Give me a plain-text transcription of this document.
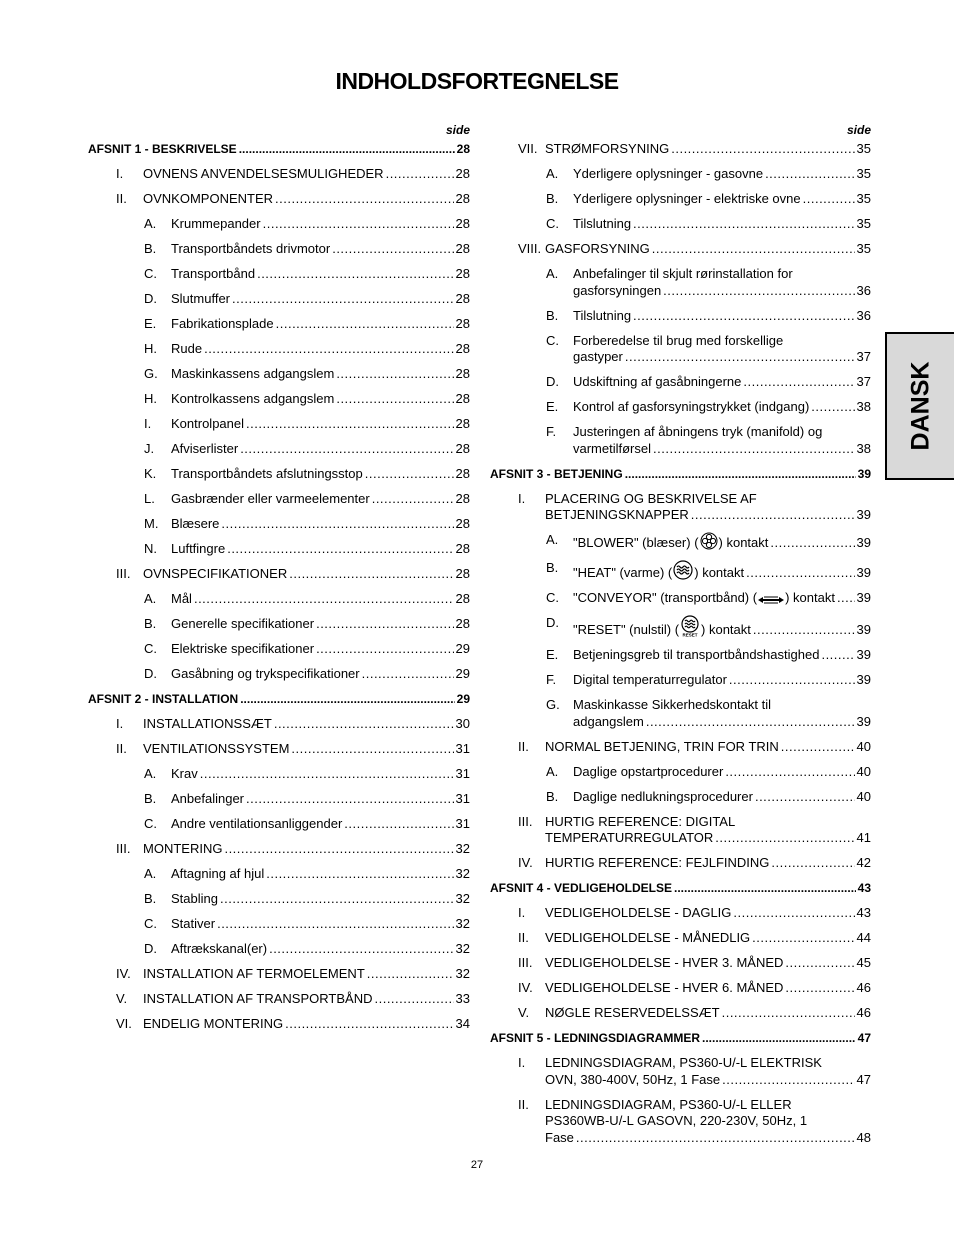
INDHOLDSFORTEGNELSE
side
AFSNIT 1 - BESKRIVELSE .....	28
I. OVNENS ANVENDELSESMULIGHEDER .....	28
II. OVNKOMPONENTER .....	28
A. Krummepander .....	28
B. Transportbåndets drivmotor .....	28
C. Transportbånd .....	28
D. Slutmuffer .....	28
E. Fabrikationsplade .....	28
H. Rude .....	28
G. Maskinkassens adgangslem .....	28
H. Kontrolkassens adgangslem .....	28
I. Kontrolpanel .....	28
J. Afviserlister .....	28
K. Transportbåndets afslutningsstop .....	28
L. Gasbrænder eller varmeelementer .....	28
M. Blæsere .....	28
N. Luftfingre .....	28
III. OVNSPECIFIKATIONER .....	28
A. Mål .....	28
B. Generelle specifikationer .....	28
C. Elektriske specifikationer .....	29
D. Gasåbning og trykspecifikationer .....	29
AFSNIT 2 - INSTALLATION .....	29
I. INSTALLATIONSSÆT .....	30
II. VENTILATIONSSYSTEM .....	31
A. Krav .....	31
B. Anbefalinger .....	31
C. Andre ventilationsanliggender .....	31
III. MONTERING .....	32
A. Aftagning af hjul .....	32
B. Stabling .....	32
C. Stativer .....	32
D. Aftrækskanal(er) .....	32
IV. INSTALLATION AF TERMOELEMENT .....	32
V. INSTALLATION AF TRANSPORTBÅND .....	33
VI. ENDELIG MONTERING .....	34
side
VII. STRØMFORSYNING .....	35
A. Yderligere oplysninger - gasovne .....	35
B. Yderligere oplysninger - elektriske ovne .....	35
C. Tilslutning .....	35
VIII. GASFORSYNING .....	35
A. Anbefalinger til skjult rørinstallation for
gasforsyningen .....	36
B. Tilslutning .....	36
C. Forberedelse til brug med forskellige
gastyper .....	37
D. Udskiftning af gasåbningerne .....	37
E. Kontrol af gasforsyningstrykket (indgang) .....	38
F. Justeringen af åbningens tryk (manifold) og
varmetilførsel .....	38
AFSNIT 3 - BETJENING .....	39
I. PLACERING OG BESKRIVELSE AF
BETJENINGSKNAPPER .....	39
A. "BLOWER" (blæser) ( ) kontakt .....	39
B. "HEAT" (varme) ( ) kontakt .....	39
C. "CONVEYOR" (transportbånd) ( ) kontakt ..... 39
D. "RESET" (nulstil) ( RESET ) kontakt .....	39
E. Betjeningsgreb til transportbåndshastighed .....	39
F. Digital temperaturregulator .....	39
G. Maskinkasse Sikkerhedskontakt til
adgangslem .....	39
II. NORMAL BETJENING, TRIN FOR TRIN .....	40
A. Daglige opstartprocedurer .....	40
B. Daglige nedlukningsprocedurer .....	40
III. HURTIG REFERENCE: DIGITAL
TEMPERATURREGULATOR .....	41
IV. HURTIG REFERENCE: FEJLFINDING .....	42
AFSNIT 4 - VEDLIGEHOLDELSE .....	43
I. VEDLIGEHOLDELSE - DAGLIG .....	43
II. VEDLIGEHOLDELSE - MÅNEDLIG .....	44
III. VEDLIGEHOLDELSE - HVER 3. MÅNED .....	45
IV. VEDLIGEHOLDELSE - HVER 6. MÅNED .....	46
V. NØGLE RESERVEDELSSÆT .....	46
AFSNIT 5 - LEDNINGSDIAGRAMMER .....	47
I. LEDNINGSDIAGRAM, PS360-U/-L ELEKTRISK
OVN, 380-400V, 50Hz, 1 Fase .....	47
II. LEDNINGSDIAGRAM, PS360-U/-L ELLER
PS360WB-U/-L GASOVN, 220-230V, 50Hz, 1
Fase .....	48
DANSK
27
